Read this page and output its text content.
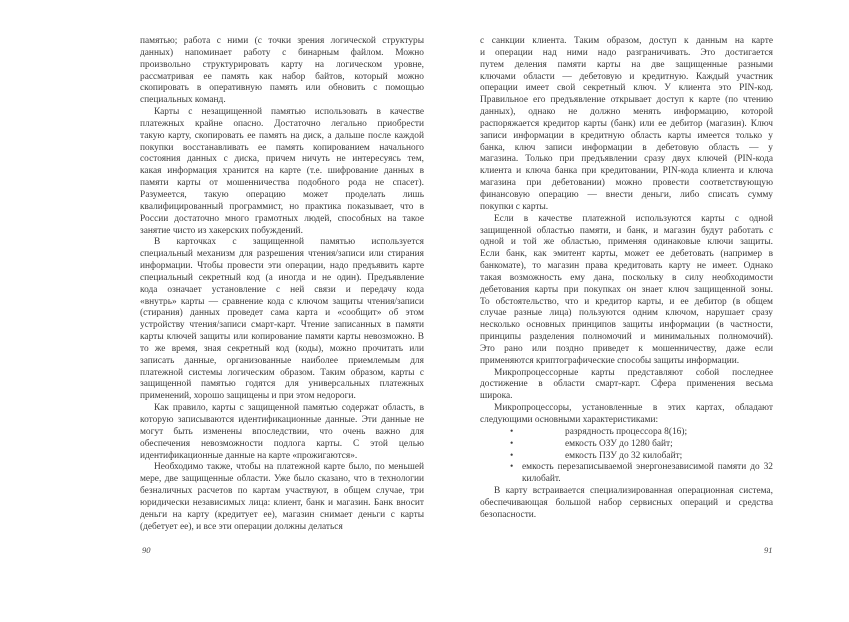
памятью; работа с ними (с точки зрения логической структуры
данных) напоминает работу с бинарным файлом. Можно
произвольно структурировать карту на логическом уровне,
рассматривая ее память как набор байтов, который можно
скопировать в оперативную память или обновить с помощью
специальных команд.
Карты с незащищенной памятью использовать в качестве
платежных крайне опасно. Достаточно легально приобрести
такую карту, скопировать ее память на диск, а дальше после каждой
покупки восстанавливать ее память копированием начального
состояния данных с диска, причем ничуть не интересуясь тем,
какая информация хранится на карте (т.е. шифрование данных в
памяти карты от мошенничества подобного рода не спасет).
Разумеется, такую операцию может проделать лишь
квалифицированный программист, но практика показывает, что в
России достаточно много грамотных людей, способных на такое
занятие чисто из хакерских побуждений.
В карточках с защищенной памятью используется
специальный механизм для разрешения чтения/записи или стирания
информации. Чтобы провести эти операции, надо предъявить карте
специальный секретный код (а иногда и не один). Предъявление
кода означает установление с ней связи и передачу кода
«внутрь» карты — сравнение кода с ключом защиты чтения/записи
(стирания) данных проведет сама карта и «сообщит» об этом
устройству чтения/записи смарт-карт. Чтение записанных в памяти
карты ключей защиты или копирование памяти карты невозможно. В
то же время, зная секретный код (коды), можно прочитать или
записать данные, организованные наиболее приемлемым для
платежной системы логическим образом. Таким образом, карты с
защищенной памятью годятся для универсальных платежных
применений, хорошо защищены и при этом недороги.
Как правило, карты с защищенной памятью содержат область, в
которую записываются идентификационные данные. Эти данные не
могут быть изменены впоследствии, что очень важно для
обеспечения невозможности подлога карты. С этой целью
идентификационные данные на карте «прожигаются».
Необходимо также, чтобы на платежной карте было, по меньшей
мере, две защищенные области. Уже было сказано, что в технологии
безналичных расчетов по картам участвуют, в общем случае, три
юридически независимых лица: клиент, банк и магазин. Банк вносит
деньги на карту (кредитует ее), магазин снимает деньги с карты
(дебетует ее), и все эти операции должны делаться
с санкции клиента. Таким образом, доступ к данным на карте
и операции над ними надо разграничивать. Это достигается
путем деления памяти карты на две защищенные разными
ключами области — дебетовую и кредитную. Каждый участник
операции имеет свой секретный ключ. У клиента это PIN-код.
Правильное его предъявление открывает доступ к карте (по чтению
данных), однако не должно менять информацию, которой
распоряжается кредитор карты (банк) или ее дебитор (магазин). Ключ
записи информации в кредитную область карты имеется только у
банка, ключ записи информации в дебетовую область — у
магазина. Только при предъявлении сразу двух ключей (PIN-кода
клиента и ключа банка при кредитовании, PIN-кода клиента и ключа
магазина при дебетовании) можно провести соответствующую
финансовую операцию — внести деньги, либо списать сумму
покупки с карты.
Если в качестве платежной используются карты с одной
защищенной областью памяти, и банк, и магазин будут работать с
одной и той же областью, применяя одинаковые ключи защиты.
Если банк, как эмитент карты, может ее дебетовать (например в
банкомате), то магазин права кредитовать карту не имеет. Однако
такая возможность ему дана, поскольку в силу необходимости
дебетования карты при покупках он знает ключ защищенной зоны.
То обстоятельство, что и кредитор карты, и ее дебитор (в общем
случае разные лица) пользуются одним ключом, нарушает сразу
несколько основных принципов защиты информации (в частности,
принципы разделения полномочий и минимальных полномочий).
Это рано или поздно приведет к мошенничеству, даже если
применяются криптографические способы защиты информации.
Микропроцессорные карты представляют собой последнее
достижение в области смарт-карт. Сфера применения весьма
широка.
Микропроцессоры, установленные в этих картах, обладают
следующими основными характеристиками:
•	разрядность процессора 8(16);
•	емкость ОЗУ до 1280 байт;
•	емкость ПЗУ до 32 килобайт;
• емкость перезаписываемой энергонезависимой памяти до 32
килобайт.
В карту встраивается специализированная операционная система,
обеспечивающая большой набор сервисных операций и средства
безопасности.
90	91
